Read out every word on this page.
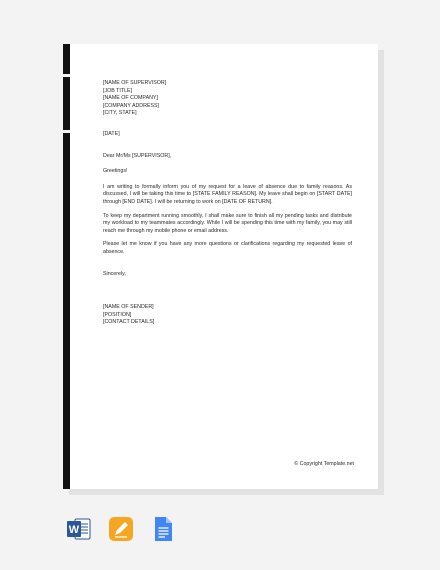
[NAME OF SUPERVISOR]
[JOB TITLE]
[NAME OF COMPANY]
[COMPANY ADDRESS]
[CITY, STATE]
[DATE]
Dear Mr/Ms [SUPERVISOR],
Greetings!
I am writing to formally inform you of my request for a leave of absence due to family reasons. As discussed, I will be taking this time to [STATE FAMILY REASON]. My leave shall begin on [START DATE] through [END DATE]. I will be returning to work on [DATE OF RETURN].
To keep my department running smoothly, I shall make sure to finish all my pending tasks and distribute my workload to my teammates accordingly. While I will be spending this time with my family, you may still reach me through my mobile phone or email address.
Please let me know if you have any more questions or clarifications regarding my requested leave of absence.
Sincerely,
[NAME OF SENDER]
[POSITION]
[CONTACT DETAILS]
© Copyright Template.net
W
